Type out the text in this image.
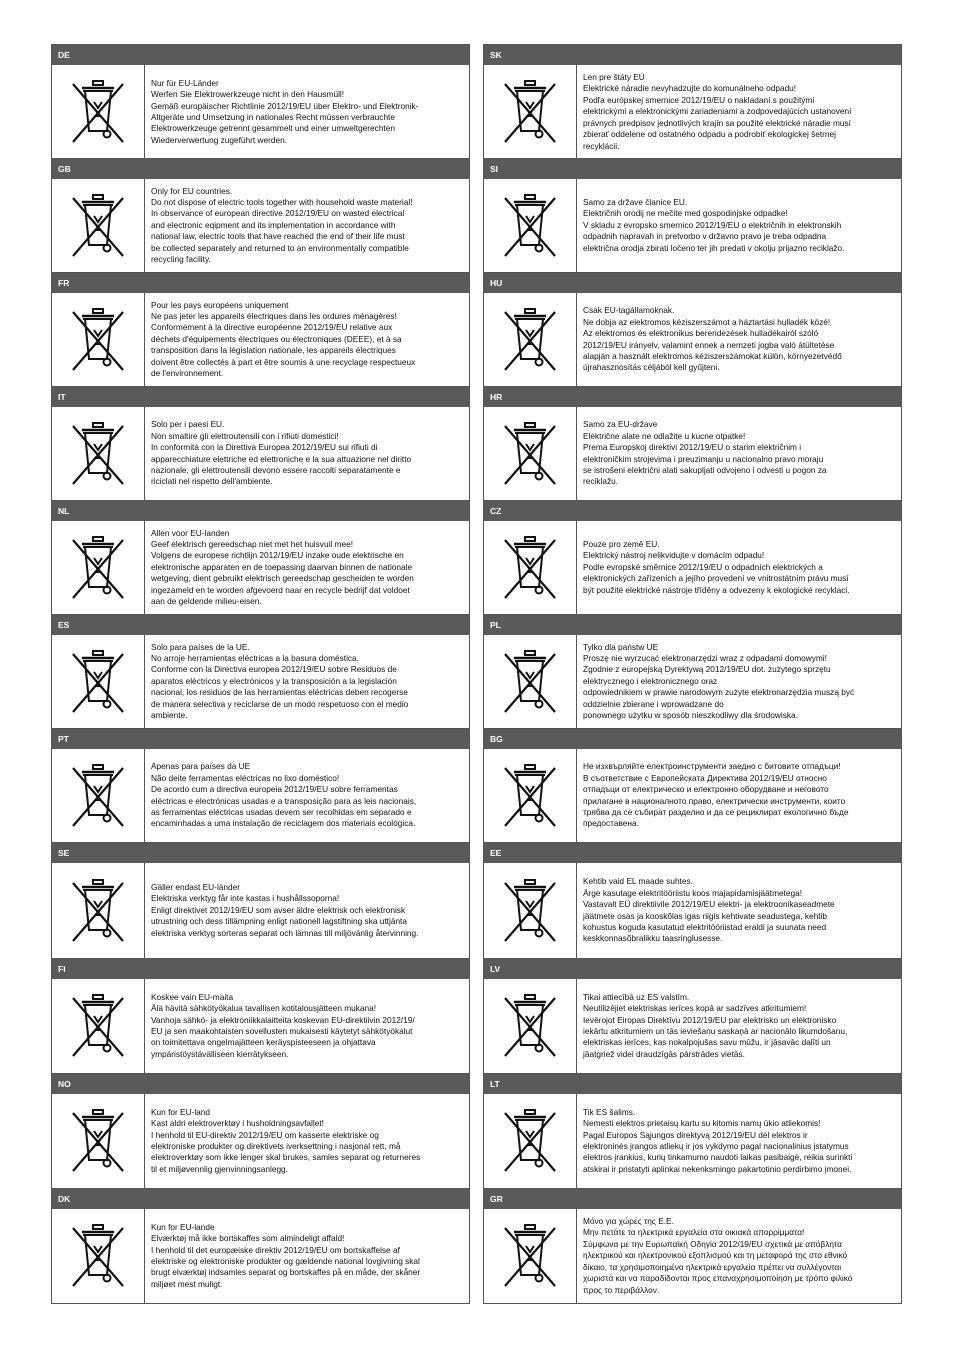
DE
Nur für EU-Länder
Werfen Sie Elektrowerkzeuge nicht in den Hausmüll!
Gemäß europäischer Richtlinie 2012/19/EU über Elektro- und Elektronik-
Altgeräte und Umsetzung in nationales Recht müssen verbrauchte
Elektrowerkzeuge getrennt gesammelt und einer umweltgerechten
Wiederverwertung zugeführt werden.
GB
Only for EU countries.
Do not dispose of electric tools together with household waste material!
In observance of european directive 2012/19/EU on wasted electrical
and electronic eqipment and its implementation in accordance with
national law, electric tools that have reached the end of their life must
be collected separately and returned to an environmentally compatible
recycling facility.
FR
Pour les pays européens uniquement
Ne pas jeter les appareils électriques dans les ordures ménagères!
Conformément à la directive européenne 2012/19/EU relative aux
déchets d'équipements électriques ou électroniques (DEEE), et à sa
transposition dans la législation nationale, les appareils électriques
doivent être collectés à part et être soumis à une recyclage respectueux
de l'environnement.
IT
Solo per i paesi EU.
Non smaltire gli elettroutensili con i rifiuti domestici!
In conformità con la Direttiva Europea 2012/19/EU sui rifiuti di
apparecchiature elettriche ed elettroniche e la sua attuazione nel diritto
nazionale, gli elettroutensili devono essere raccolti separatamente e
riciclati nel rispetto dell'ambiente.
NL
Allen voor EU-landen
Geef elektrisch gereedschap niet met het huisvuil mee!
Volgens de europese richtlijn 2012/19/EU inzake oude elektrische en
elektronische apparaten en de toepassing daarvan binnen de nationale
wetgeving, dient gebruikt elektrisch gereedschap gescheiden te worden
ingezameld en te worden afgevoerd naar en recycle bedrijf dat voldoet
aan de geldende milieu-eisen.
ES
Solo para países de la UE.
No arroje herramientas eléctricas a la basura doméstica.
Conforme con la Directiva europea 2012/19/EU sobre Residuos de
aparatos eléctricos y electrónicos y la transposición a la legislación
nacional, los residuos de las herramientas eléctricas deben recogerse
de manera selectiva y reciclarse de un modo respetuoso con el medio
ambiente.
PT
Apenas para países da UE
Não deite ferramentas eléctricas no lixo doméstico!
De acordo cum a directiva europeia 2012/19/EU sobre ferramentas
eléctricas e electrónicas usadas e a transposição para as leis nacionais,
as ferramentas eléctricas usadas devem ser recolhidas em separado e
encaminhadas a uma instalação de reciclagem dos materiais ecológica.
SE
Gäller endast EU-länder
Elektriska verktyg får inte kastas i hushållssoporna!
Enligt direktivet 2012/19/EU som avser äldre elektrisk och elektronisk
utrustning och dess tillämpning enligt nationell lagstiftning ska uttjänta
elektriska verktyg sorteras separat och lämnas till miljövänlig återvinning.
FI
Koskee vain EU-maita
Älä hävitä sähkötyökalua tavallisen kotitalousjätteen mukana!
Vanhoja sähkö- ja elektroniikkalaitteita koskevan EU-direktiivin 2012/19/
EU ja sen maakohtaisten sovellusten mukaisesti käytetyt sähkötyökalut
on toimitettava ongelmajätteen keräyspisteeseen ja ohjattava
ympäristöystävälliseen kierrätykseen.
NO
Kun for EU-land
Kast aldri elektroverktøy i husholdningsavfallet!
I henhold til EU-direktiv 2012/19/EU om kasserte elektriske og
elektroniske produkter og direktivets iverksettning i nasjonal rett, må
elektroverktøy som ikke lenger skal brukes, samles separat og returneres
til et miljøvennlig gjenvinningsanlegg.
DK
Kun for EU-lande
Elværktøj må ikke bortskaffes som almindeligt affald!
I henhold til det europæiske direktiv 2012/19/EU om bortskaffelse af
elektriske og elektroniske produkter og gældende national lovgivning skal
brugt elværktøj indsamles separat og bortskaffes på en måde, der skåner
miljøet mest muligt.
SK
Len pre štáty EÚ
Elektrické náradie nevyhadzujte do komunálneho odpadu!
Podľa európskej smernice 2012/19/EU o nakladaní s použitými
elektrickými a elektronickými zariadeniami a zodpovedajúcich ustanovení
právnych predpisov jednotlivých krajín sa použité elektrické náradie musí
zbierať oddelene od ostatného odpadu a podrobiť ekologickej šetrnej
recyklácii.
SI
Samo za države članice EU.
Električnih orodij ne mečite med gospodinjske odpadke!
V skladu z evropsko smernico 2012/19/EU o električnih in elektronskih
odpadnih napravah in pretvorbo v državno pravo je treba odpadna
električna orodja zbirati ločeno ter jih predati v okolju prijazno reciklažo.
HU
Csak EU-tagállamoknak.
Ne dobja az elektromos kéziszerszámot a háztartási hulladék közé!
Az elektromos és elektronikus berendezések hulladékairól szóló
2012/19/EU irányelv, valamint ennek a nemzeti jogba való átültetése
alapján a használt elektromos kéziszerszámokat külön, környezetvédő
újrahasznosítás céljából kell gyűjteni.
HR
Samo za EU-države
Električne alate ne odlažite u kucne otpatke!
Prema Europskoj direktivi 2012/19/EU o starim električnim i
elektroničkim strojevima i preuzimanju u nacionalno pravo moraju
se istrošeni električni alati sakupljati odvojeno i odvesti u pogon za
reciklažu.
CZ
Pouze pro země EU.
Elektrický nástroj nelikvidujte v domácím odpadu!
Podle evropské směrnice 2012/19/EU o odpadních elektrických a
elektronických zařízeních a jejího provedení ve vnitrostátním právu musí
být použité elektrické nástroje tříděny a odvezeny k ekologické recyklaci.
PL
Tylko dla państw UE
Proszę nie wyrzucać elektronarzędzi wraz z odpadami domowymi!
Zgodnie z europejską Dyrektywą 2012/19/EU dot. zużytego sprzętu
elektrycznego i elektronicznego oraz
odpowiednikiem w prawie narodowym zużyte elektronarzędzia muszą być
oddzielnie zbierane i wprowadzane do
ponownego użytku w sposób nieszkodliwy dla środowiska.
BG
Не изхвърляйте електроинструменти заедно с битовите отпадъци!
В съответствие с Европейската Директива 2012/19/EU относно
отпадъци от електрическо и електронно оборудване и неговото
прилагане в националното право, електрически инструменти, които
трябва да се събират разделно и да се рециклират екологично бъде
предоставена.
EE
Kehtib vaid EL maade suhtes.
Ärge kasutage elektritööriistu koos majapidamisjäätmetega!
Vastavalt EÜ direktiivile 2012/19/EU elektri- ja elektroonikaseadmete
jäätmete osas ja kooskõlas igas riigis kehtivate seadustega, kehtib
kohustus koguda kasutatud elektritööriistad eraldi ja suunata need
keskkonnasõbralikku taasringlusesse.
LV
Tikai attiecībā uz ES valstīm.
Neutilizējiet elektriskas ierīces kopā ar sadzīves atkritumiem!
Ievērojot Eiropas Direktīvu 2012/19/EU par elektrisko un elektronisko
iekārtu atkritumiem un tās ieviešanu saskaņā ar nacionālo likumdošanu,
elektriskas ierīces, kas nokalpojušas savu mūžu, ir jāsavāc dalīti un
jāatgriež videi draudzīgās pārstrādes vietās.
LT
Tik ES šalims.
Nemesti elektros prietaisų kartu su kitomis namų ūkio atliekomis!
Pagal Europos Sąjungos direktyvą 2012/19/EU dėl elektros ir
elektroninės įrangos atliekų ir jos vykdymo pagal nacionalinius įstatymus
elektros įrankius, kurių tinkamumo naudoti laikas pasibaigė, reikia surinkti
atskirai ir pristatyti aplinkai nekenksmingo pakartotinio perdirbimo įmonei.
GR
Μόνο για χώρες της Ε.Ε.
Μην πετάτε τα ηλεκτρικά εργαλεία στα οικιακά απορρίμματα!
Σύμφωνα με την Ευρωπαϊκή Οδηγία 2012/19/EU σχετικά με απόβλητα
ηλεκτρικού και ηλεκτρονικού εξοπλισμού και τη μεταφορά της στο εθνικό
δίκαιο, τα χρησιμοποιημένα ηλεκτρικά εργαλεία πρέπει να συλλέγονται
χωριστά και να παραδίδονται προς επαναχρησιμοποίηση με τρόπο φιλικό
προς το περιβάλλον.
